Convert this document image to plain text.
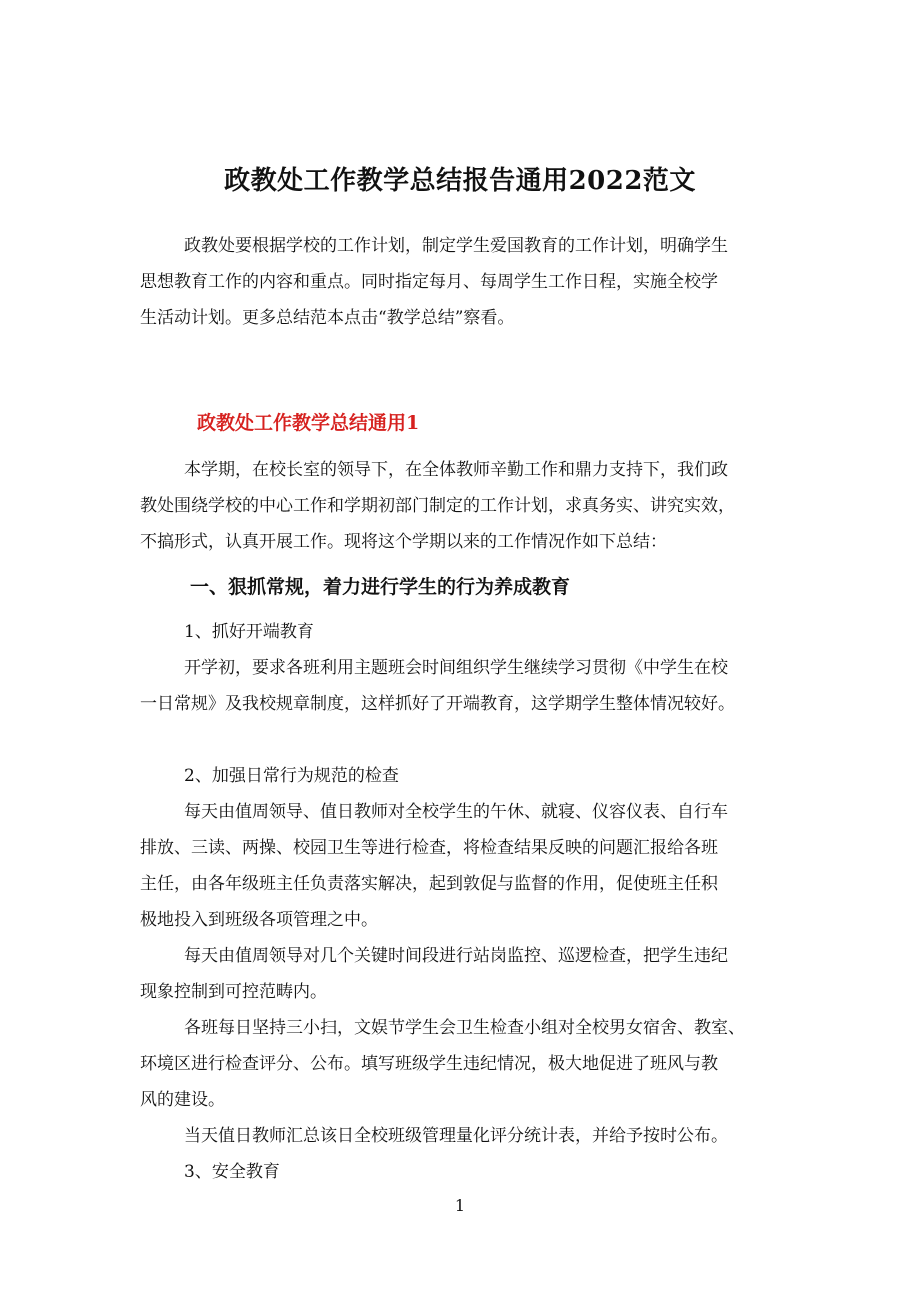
政教处工作教学总结报告通用2022范文
政教处要根据学校的工作计划，制定学生爱国教育的工作计划，明确学生
思想教育工作的内容和重点。同时指定每月、每周学生工作日程，实施全校学
生活动计划。更多总结范本点击“教学总结”察看。
政教处工作教学总结通用1
本学期，在校长室的领导下，在全体教师辛勤工作和鼎力支持下，我们政
教处围绕学校的中心工作和学期初部门制定的工作计划，求真务实、讲究实效，
不搞形式，认真开展工作。现将这个学期以来的工作情况作如下总结：
一、狠抓常规，着力进行学生的行为养成教育
1、抓好开端教育
开学初，要求各班利用主题班会时间组织学生继续学习贯彻《中学生在校
一日常规》及我校规章制度，这样抓好了开端教育，这学期学生整体情况较好。
2、加强日常行为规范的检查
每天由值周领导、值日教师对全校学生的午休、就寝、仪容仪表、自行车
排放、三读、两操、校园卫生等进行检查，将检查结果反映的问题汇报给各班
主任，由各年级班主任负责落实解决，起到敦促与监督的作用，促使班主任积
极地投入到班级各项管理之中。
每天由值周领导对几个关键时间段进行站岗监控、巡逻检查，把学生违纪
现象控制到可控范畴内。
各班每日坚持三小扫，文娱节学生会卫生检查小组对全校男女宿舍、教室、
环境区进行检查评分、公布。填写班级学生违纪情况，极大地促进了班风与教
风的建设。
当天值日教师汇总该日全校班级管理量化评分统计表，并给予按时公布。
3、安全教育
1
